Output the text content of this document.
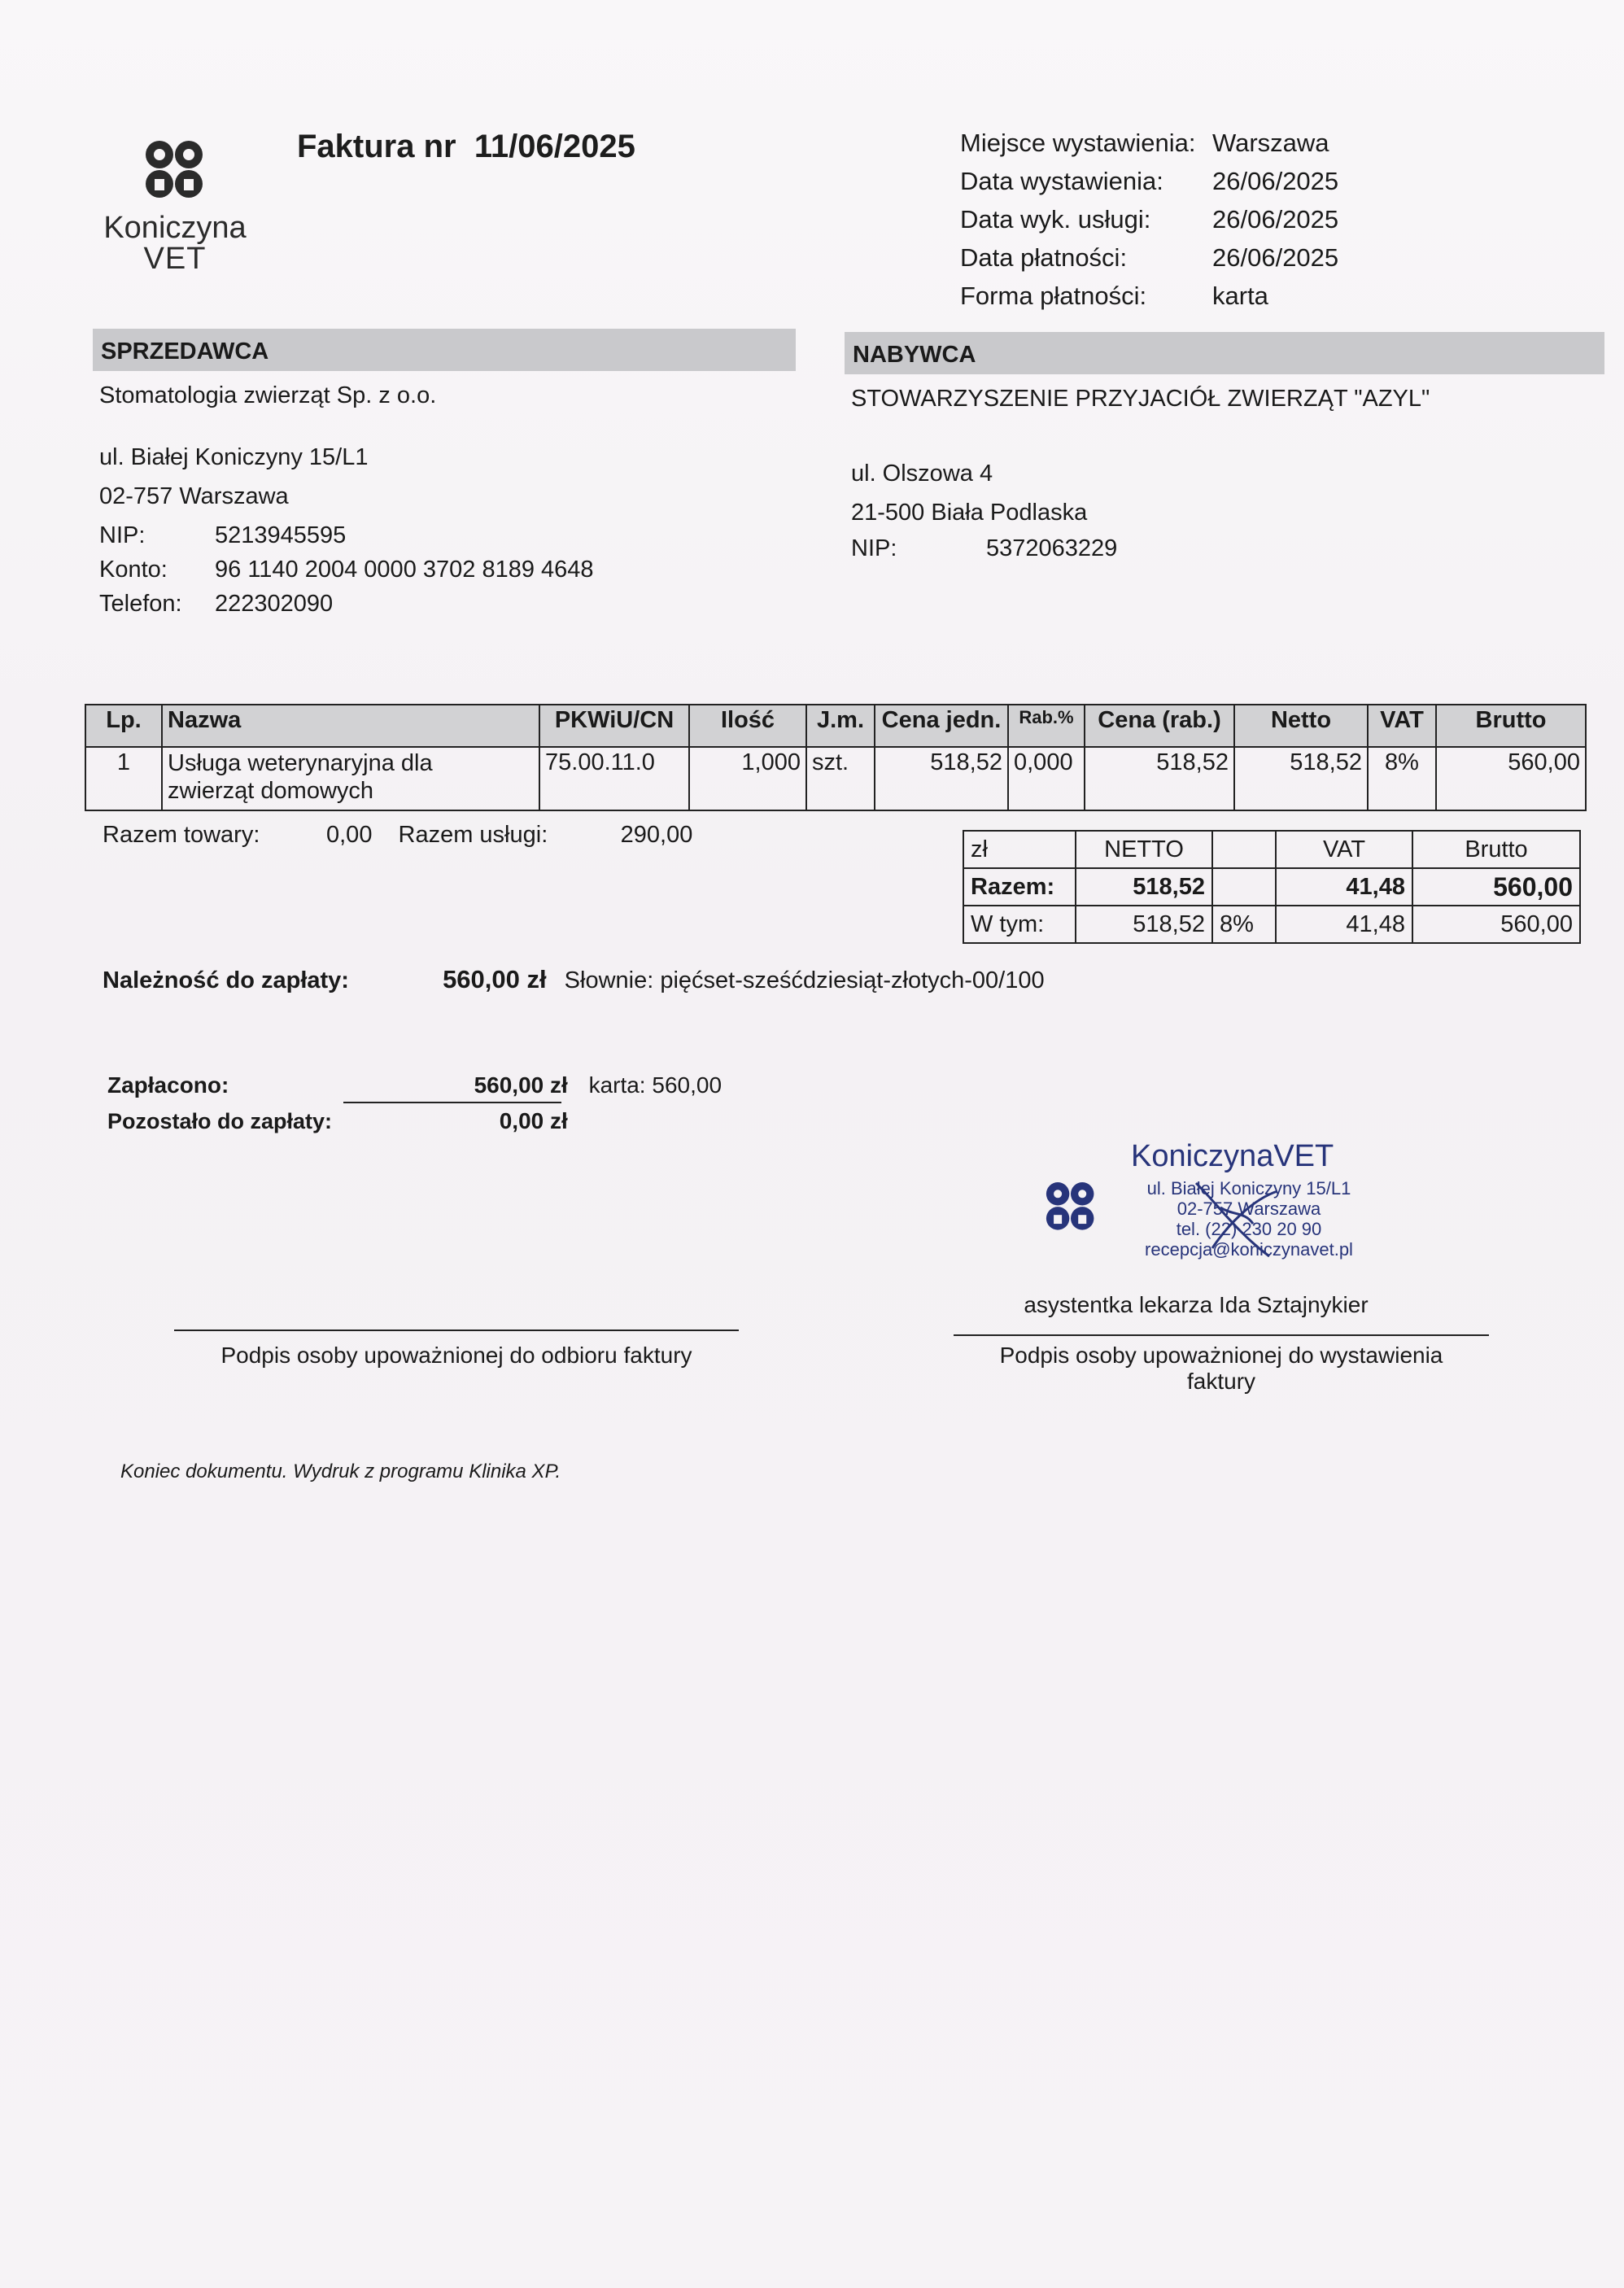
Koniczyna
VET
Faktura nr  11/06/2025	Miejsce wystawienia: Warszawa
Data wystawienia:	26/06/2025
Data wyk. usługi:	26/06/2025
Data płatności:	26/06/2025
Forma płatności:	karta
SPRZEDAWCA
Stomatologia zwierząt Sp. z o.o.
ul. Białej Koniczyny 15/L1
02-757 Warszawa
NIP:	5213945595
Konto:	96 1140 2004 0000 3702 8189 4648
Telefon:	222302090
NABYWCA
STOWARZYSZENIE PRZYJACIÓŁ ZWIERZĄT "AZYL"
ul. Olszowa 4
21-500 Biała Podlaska
NIP:	5372063229
Lp.	Nazwa	PKWiU/CN	Ilość	J.m.	Cena jedn.	Rab.%	Cena (rab.)	Netto	VAT	Brutto
1	Usługa weterynaryjna dla
zwierząt domowych	75.00.11.0	1,000	szt.	518,52	0,000	518,52	518,52	8%	560,00
Razem towary:	0,00 Razem usługi:	290,00
zł	NETTO		VAT	Brutto
Razem:	518,52		41,48	560,00
W tym:	518,52	8%	41,48	560,00
Należność do zapłaty:	560,00 zł Słownie: pięćset-sześćdziesiąt-złotych-00/100
Zapłacono:	560,00 zł karta: 560,00
Pozostało do zapłaty:	0,00 zł
KoniczynaVET
ul. Białej Koniczyny 15/L1
02-757 Warszawa
tel. (22) 230 20 90
recepcja@koniczynavet.pl
asystentka lekarza Ida Sztajnykier
Podpis osoby upoważnionej do odbioru faktury	Podpis osoby upoważnionej do wystawienia
faktury
Koniec dokumentu. Wydruk z programu Klinika XP.
